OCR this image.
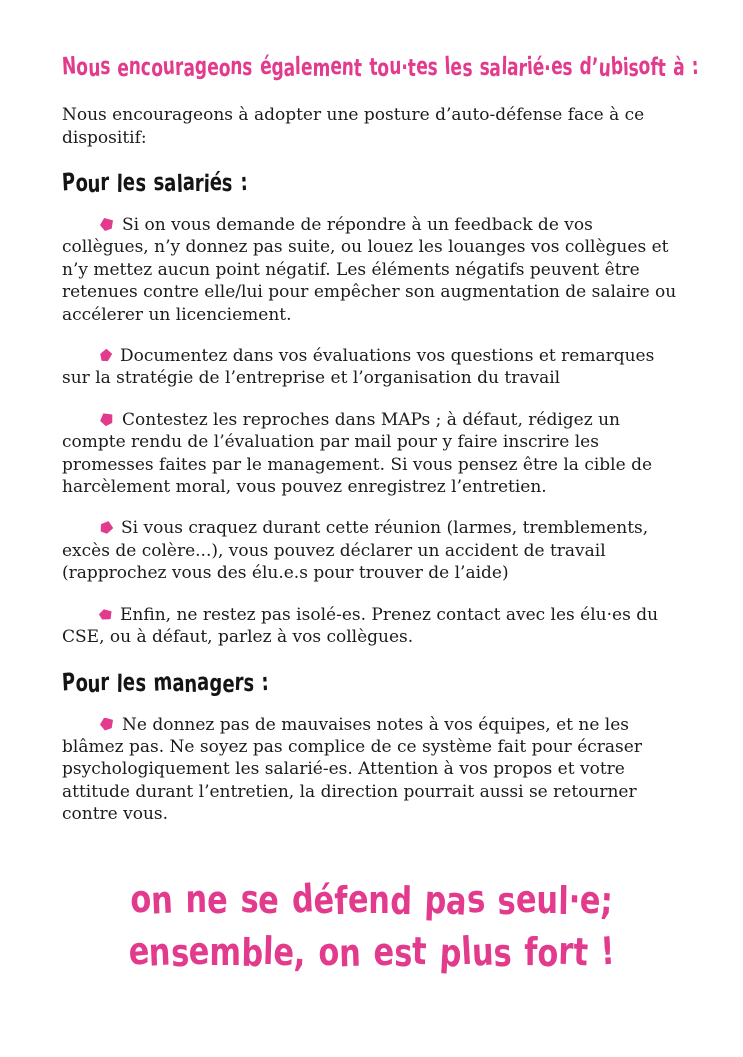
Nous encourageons également tou·tes les salarié·es d’ubisoft à :

Nous encourageons à adopter une posture d’auto-défense face à ce dispositif:

Pour les salariés :
Si on vous demande de répondre à un feedback de vos collègues, n’y donnez pas suite, ou louez les louanges vos collègues et n’y mettez aucun point négatif. Les éléments négatifs peuvent être retenues contre elle/lui pour empêcher son augmentation de salaire ou accélerer un licenciement.
Documentez dans vos évaluations vos questions et remarques sur la stratégie de l’entreprise et l’organisation du travail
Contestez les reproches dans MAPs ; à défaut, rédigez un compte rendu de l’évaluation par mail pour y faire inscrire les promesses faites par le management. Si vous pensez être la cible de harcèlement moral, vous pouvez enregistrez l’entretien.
Si vous craquez durant cette réunion (larmes, tremblements, excès de colère...), vous pouvez déclarer un accident de travail (rapprochez vous des élu.e.s pour trouver de l’aide)
Enfin, ne restez pas isolé-es. Prenez contact avec les élu·es du CSE, ou à défaut, parlez à vos collègues.
Pour les managers :
Ne donnez pas de mauvaises notes à vos équipes, et ne les blâmez pas. Ne soyez pas complice de ce système fait pour écraser psychologiquement les salarié-es. Attention à vos propos et votre attitude durant l’entretien, la direction pourrait aussi se retourner contre vous.
on ne se défend pas seul·e;
ensemble, on est plus fort !
